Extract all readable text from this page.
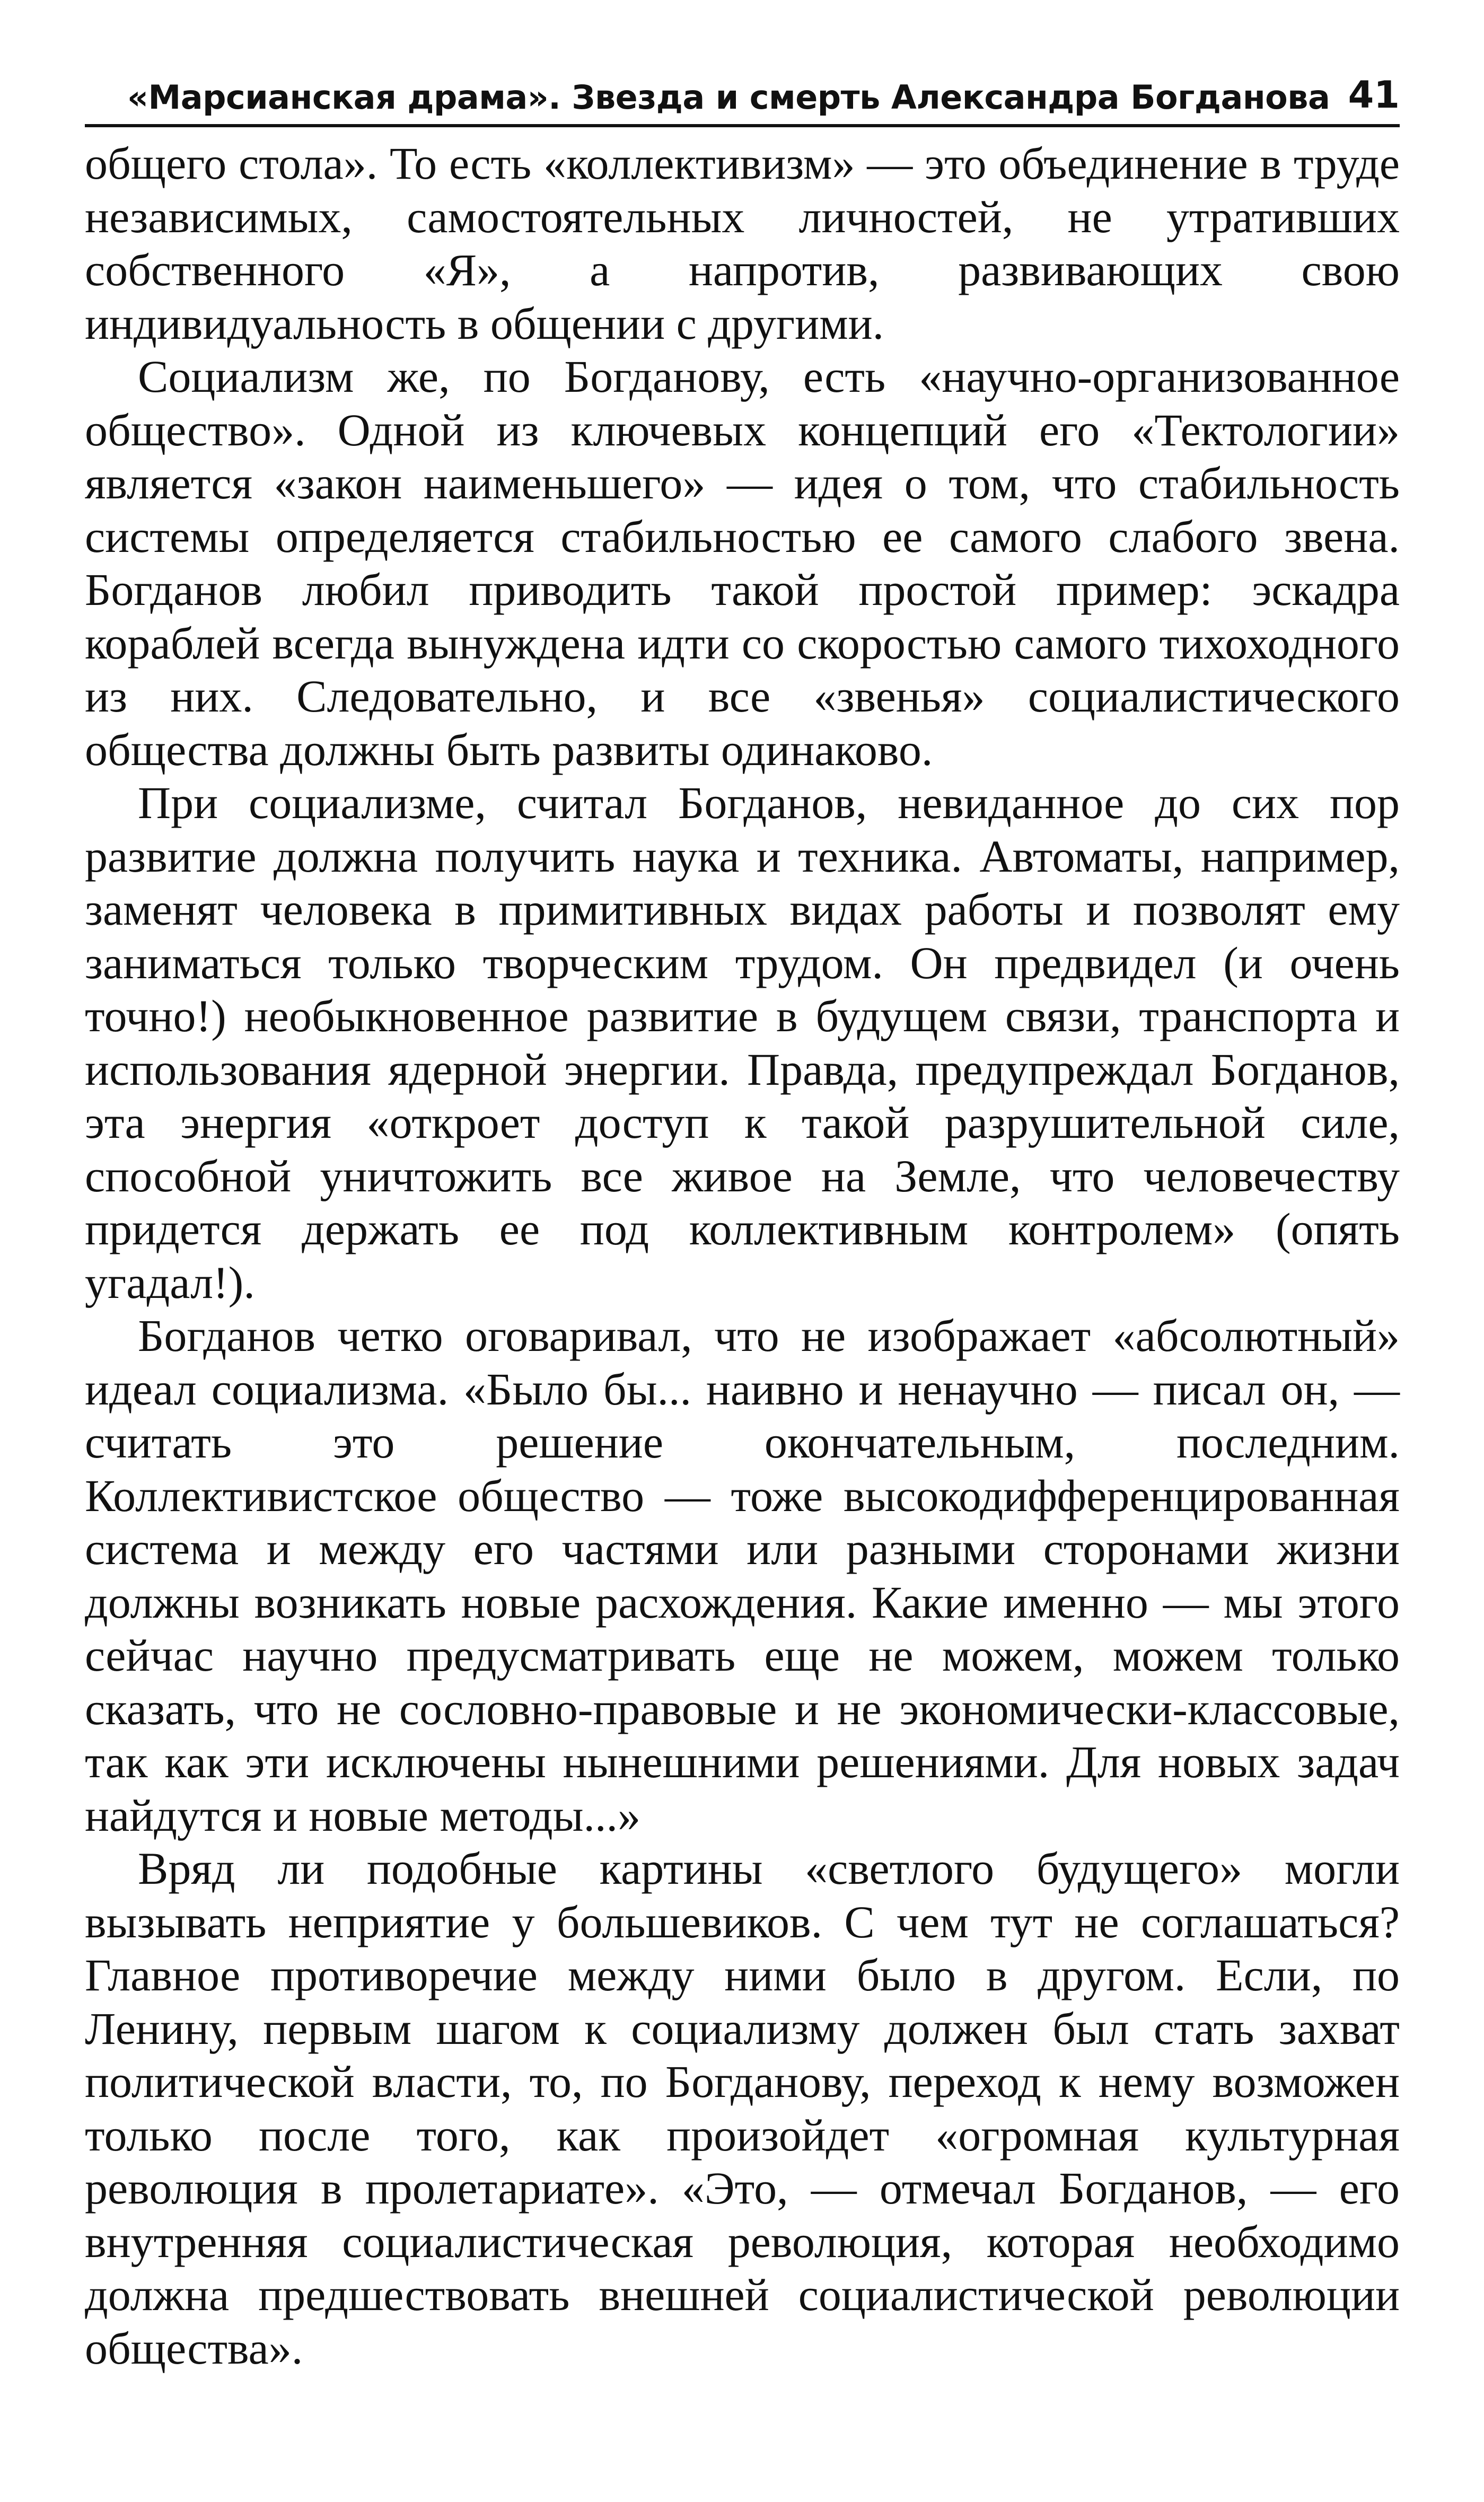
«Марсианская драма». Звезда и смерть Александра Богданова 41

общего стола». То есть «коллективизм» — это объединение в труде независимых, самостоятельных личностей, не утративших собственного «Я», а напротив, развивающих свою индивидуальность в общении с другими.

Социализм же, по Богданову, есть «научно-организованное общество». Одной из ключевых концепций его «Тектологии» является «закон наименьшего» — идея о том, что стабильность системы определяется стабильностью ее самого слабого звена. Богданов любил приводить такой простой пример: эскадра кораблей всегда вынуждена идти со скоростью самого тихоходного из них. Следовательно, и все «звенья» социалистического общества должны быть развиты одинаково.

При социализме, считал Богданов, невиданное до сих пор развитие должна получить наука и техника. Автоматы, например, заменят человека в примитивных видах работы и позволят ему заниматься только творческим трудом. Он предвидел (и очень точно!) необыкновенное развитие в будущем связи, транспорта и использования ядерной энергии. Правда, предупреждал Богданов, эта энергия «откроет доступ к такой разрушительной силе, способной уничтожить все живое на Земле, что человечеству придется держать ее под коллективным контролем» (опять угадал!).

Богданов четко оговаривал, что не изображает «абсолютный» идеал социализма. «Было бы... наивно и ненаучно — писал он, — считать это решение окончательным, последним. Коллективистское общество — тоже высокодифференцированная система и между его частями или разными сторонами жизни должны возникать новые расхождения. Какие именно — мы этого сейчас научно предусматривать еще не можем, можем только сказать, что не сословно-правовые и не экономически-классовые, так как эти исключены нынешними решениями. Для новых задач найдутся и новые методы...»

Вряд ли подобные картины «светлого будущего» могли вызывать неприятие у большевиков. С чем тут не соглашаться? Главное противоречие между ними было в другом. Если, по Ленину, первым шагом к социализму должен был стать захват политической власти, то, по Богданову, переход к нему возможен только после того, как произойдет «огромная культурная революция в пролетариате». «Это, — отмечал Богданов, — его внутренняя социалистическая революция, которая необходимо должна предшествовать внешней социалистической революции общества».
